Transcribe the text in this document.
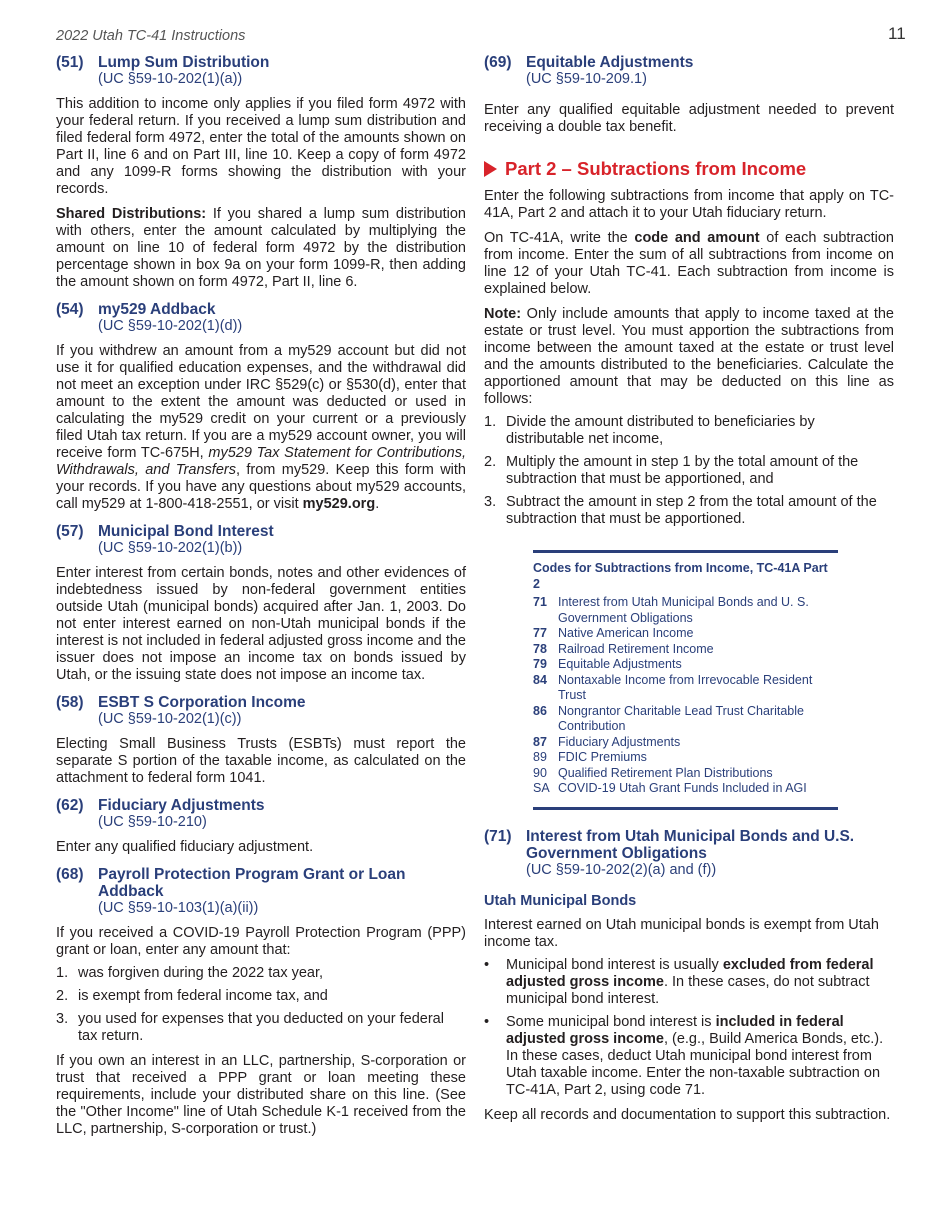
2022 Utah TC-41 Instructions	11
(51) Lump Sum Distribution
(UC §59-10-202(1)(a))

This addition to income only applies if you filed form 4972 with your federal return. If you received a lump sum distribution and filed federal form 4972, enter the total of the amounts shown on Part II, line 6 and on Part III, line 10. Keep a copy of form 4972 and any 1099-R forms showing the distribution with your records.

Shared Distributions: If you shared a lump sum distribution with others, enter the amount calculated by multiplying the amount on line 10 of federal form 4972 by the distribution percentage shown in box 9a on your form 1099-R, then adding the amount shown on form 4972, Part II, line 6.

(54) my529 Addback
(UC §59-10-202(1)(d))

If you withdrew an amount from a my529 account but did not use it for qualified education expenses, and the withdrawal did not meet an exception under IRC §529(c) or §530(d), enter that amount to the extent the amount was deducted or used in calculating the my529 credit on your current or a previously filed Utah tax return. If you are a my529 account owner, you will receive form TC-675H, my529 Tax Statement for Contributions, Withdrawals, and Transfers, from my529. Keep this form with your records. If you have any questions about my529 accounts, call my529 at 1-800-418-2551, or visit my529.org.

(57) Municipal Bond Interest
(UC §59-10-202(1)(b))

Enter interest from certain bonds, notes and other evidences of indebtedness issued by non-federal government entities outside Utah (municipal bonds) acquired after Jan. 1, 2003. Do not enter interest earned on non-Utah municipal bonds if the interest is not included in federal adjusted gross income and the issuer does not impose an income tax on bonds issued by Utah, or the issuing state does not impose an income tax.

(58) ESBT S Corporation Income
(UC §59-10-202(1)(c))

Electing Small Business Trusts (ESBTs) must report the separate S portion of the taxable income, as calculated on the attachment to federal form 1041.

(62) Fiduciary Adjustments
(UC §59-10-210)

Enter any qualified fiduciary adjustment.

(68) Payroll Protection Program Grant or Loan Addback
(UC §59-10-103(1)(a)(ii))

If you received a COVID-19 Payroll Protection Program (PPP) grant or loan, enter any amount that:

1. was forgiven during the 2022 tax year,
2. is exempt from federal income tax, and
3. you used for expenses that you deducted on your federal tax return.

If you own an interest in an LLC, partnership, S-corporation or trust that received a PPP grant or loan meeting these requirements, include your distributed share on this line. (See the "Other Income" line of Utah Schedule K-1 received from the LLC, partnership, S-corporation or trust.)

(69) Equitable Adjustments
(UC §59-10-209.1)

Enter any qualified equitable adjustment needed to prevent receiving a double tax benefit.

Part 2 – Subtractions from Income

Enter the following subtractions from income that apply on TC-41A, Part 2 and attach it to your Utah fiduciary return.

On TC-41A, write the code and amount of each subtraction from income. Enter the sum of all subtractions from income on line 12 of your Utah TC-41. Each subtraction from income is explained below.

Note: Only include amounts that apply to income taxed at the estate or trust level. You must apportion the subtractions from income between the amount taxed at the estate or trust level and the amounts distributed to the beneficiaries. Calculate the apportioned amount that may be deducted on this line as follows:

1. Divide the amount distributed to beneficiaries by distributable net income,
2. Multiply the amount in step 1 by the total amount of the subtraction that must be apportioned, and
3. Subtract the amount in step 2 from the total amount of the subtraction that must be apportioned.
Codes for Subtractions from Income, TC-41A Part 2
71 Interest from Utah Municipal Bonds and U. S. Government Obligations
77 Native American Income
78 Railroad Retirement Income
79 Equitable Adjustments
84 Nontaxable Income from Irrevocable Resident Trust
86 Nongrantor Charitable Lead Trust Charitable Contribution
87 Fiduciary Adjustments
89 FDIC Premiums
90 Qualified Retirement Plan Distributions
SA COVID-19 Utah Grant Funds Included in AGI
(71) Interest from Utah Municipal Bonds and U.S. Government Obligations
(UC §59-10-202(2)(a) and (f))
Utah Municipal Bonds

Interest earned on Utah municipal bonds is exempt from Utah income tax.

•	Municipal bond interest is usually excluded from federal adjusted gross income. In these cases, do not subtract municipal bond interest.
•	Some municipal bond interest is included in federal adjusted gross income, (e.g., Build America Bonds, etc.). In these cases, deduct Utah municipal bond interest from Utah taxable income. Enter the non-taxable subtraction on TC-41A, Part 2, using code 71.

Keep all records and documentation to support this subtraction.
